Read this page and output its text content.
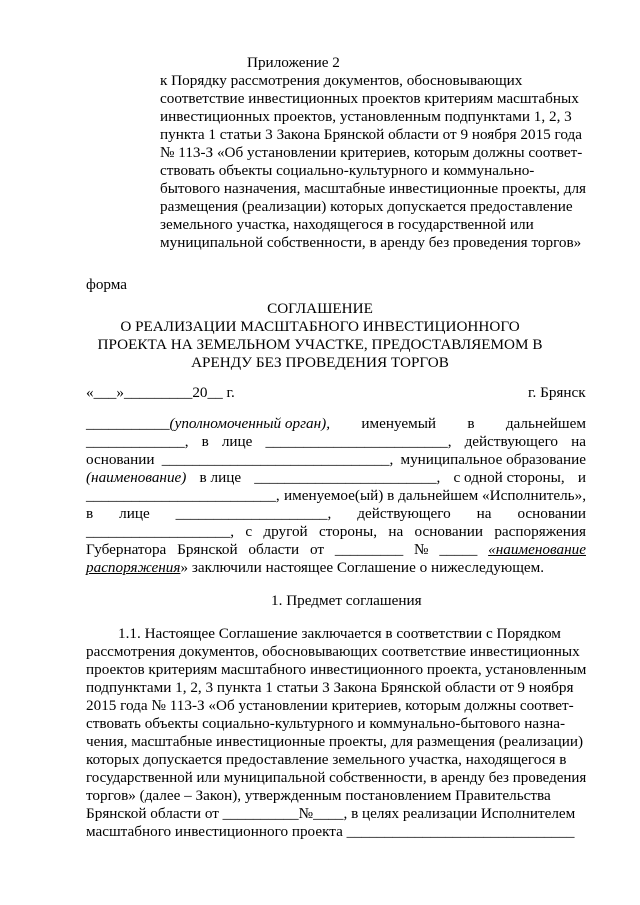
Приложение 2
к Порядку рассмотрения документов, обосновывающих
соответствие инвестиционных проектов критериям масштабных
инвестиционных проектов, установленным подпунктами 1, 2, 3
пункта 1 статьи 3 Закона Брянской области от 9 ноября 2015 года
№ 113-З «Об установлении критериев, которым должны соответ-
ствовать объекты социально-культурного и коммунально-
бытового назначения, масштабные инвестиционные проекты, для
размещения (реализации) которых допускается предоставление
земельного участка, находящегося в государственной или
муниципальной собственности, в аренду без проведения торгов»
форма
СОГЛАШЕНИЕ
О РЕАЛИЗАЦИИ МАСШТАБНОГО ИНВЕСТИЦИОННОГО
ПРОЕКТА НА ЗЕМЕЛЬНОМ УЧАСТКЕ, ПРЕДОСТАВЛЯЕМОМ В
АРЕНДУ БЕЗ ПРОВЕДЕНИЯ ТОРГОВ
«___»_________20__ г.	г. Брянск
___________(уполномоченный орган), именуемый в дальнейшем
_____________, в лице ________________________, действующего на
основании ______________________________, муниципальное образование
(наименование) в лице ________________________, с одной стороны, и
_________________________, именуемое(ый) в дальнейшем «Исполнитель»,
в лице ____________________, действующего на основании
___________________, с другой стороны, на основании распоряжения
Губернатора Брянской области от _________ № _____ «наименование
распоряжения» заключили настоящее Соглашение о нижеследующем.
1. Предмет соглашения
1.1. Настоящее Соглашение заключается в соответствии с Порядком
рассмотрения документов, обосновывающих соответствие инвестиционных
проектов критериям масштабного инвестиционного проекта, установленным
подпунктами 1, 2, 3 пункта 1 статьи 3 Закона Брянской области от 9 ноября
2015 года № 113-З «Об установлении критериев, которым должны соответ-
ствовать объекты социально-культурного и коммунально-бытового назна-
чения, масштабные инвестиционные проекты, для размещения (реализации)
которых допускается предоставление земельного участка, находящегося в
государственной или муниципальной собственности, в аренду без проведения
торгов» (далее – Закон), утвержденным постановлением Правительства
Брянской области от __________№____, в целях реализации Исполнителем
масштабного инвестиционного проекта ______________________________
